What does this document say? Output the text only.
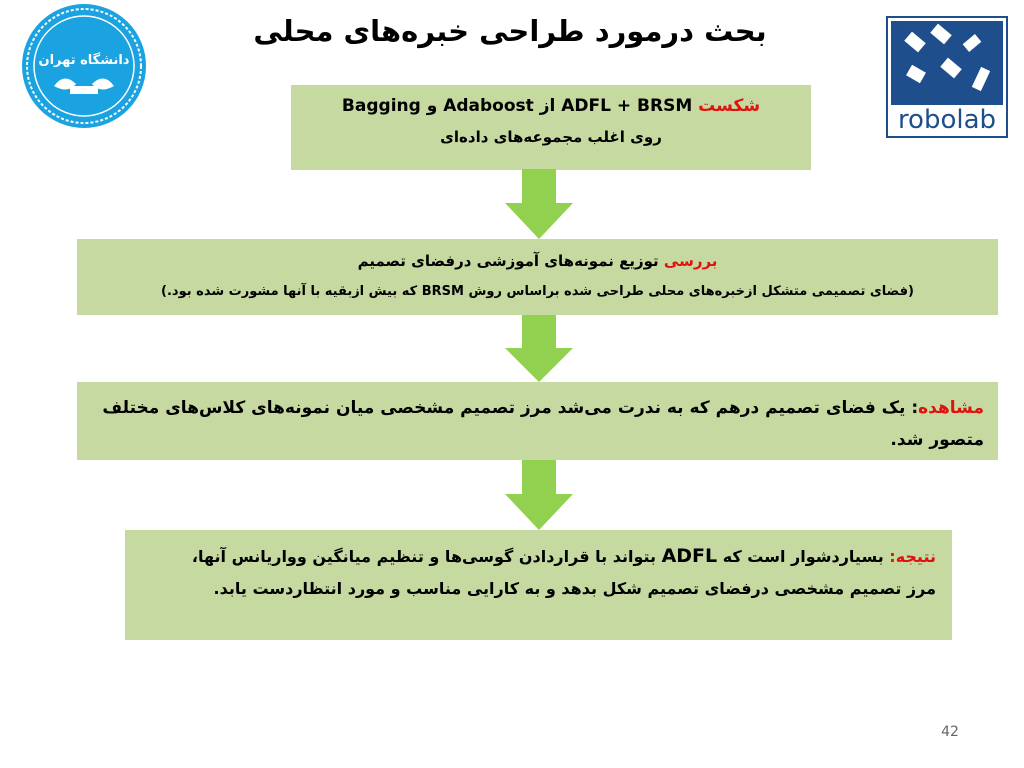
بحث درمورد طراحی خبره‌های محلی
دانشگاه تهران
robolab
شکست ADFL + BRSM از Adaboost و Bagging
روی اغلب مجموعه‌های داده‌ای
بررسی توزیع نمونه‌های آموزشی درفضای تصمیم
(فضای تصمیمی متشکل ازخبره‌های محلی طراحی شده براساس روش BRSM که بیش ازبقیه با آنها مشورت شده بود.)
مشاهده: یک فضای تصمیم درهم که به ندرت می‌شد مرز تصمیم مشخصی میان نمونه‌های کلاس‌های مختلف متصور شد.
نتیجه: بسیاردشوار است که ADFL بتواند با قراردادن گوسی‌ها و تنظیم میانگین وواریانس آنها،
مرز تصمیم مشخصی درفضای تصمیم شکل بدهد و به کارایی مناسب و مورد انتظاردست یابد.
42
